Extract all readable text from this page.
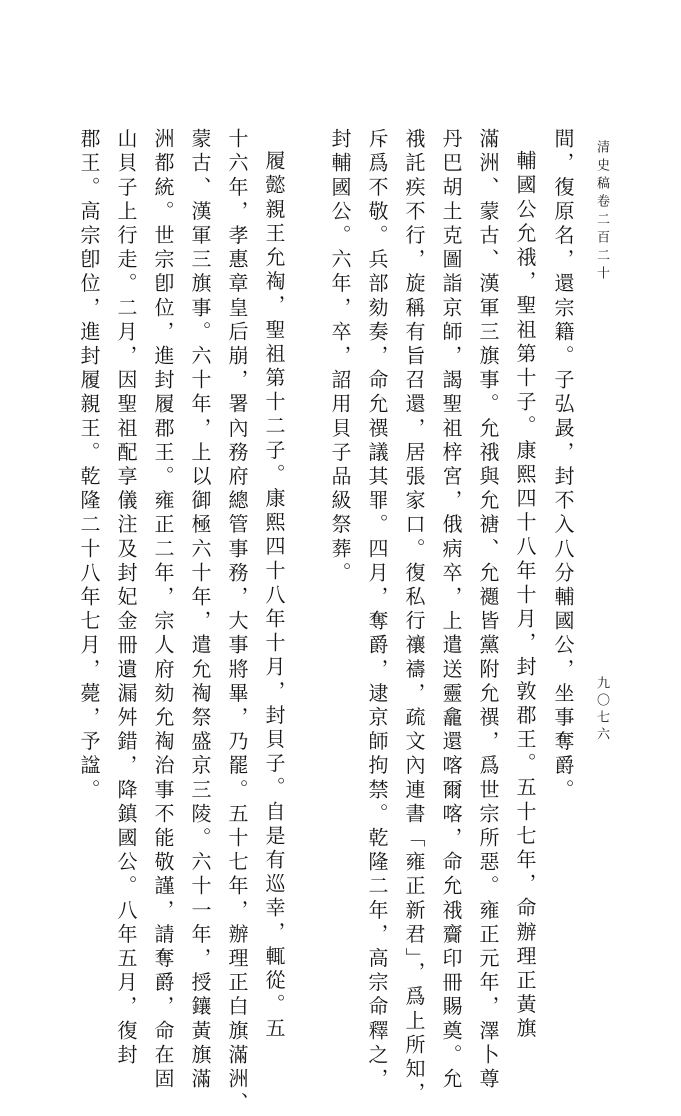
清史稿卷二百二十
九〇七六
間，復原名，還宗籍。子弘晸，封不入八分輔國公，坐事奪爵。
輔國公允䄉，聖祖第十子。康熙四十八年十月，封敦郡王。五十七年，命辦理正黃旗
滿洲、蒙古、漢軍三旗事。允䄉與允禟、允禵皆黨附允禩，爲世宗所惡。雍正元年，澤卜尊
丹巴胡土克圖詣京師，謁聖祖梓宮，俄病卒，上遣送靈龕還喀爾喀，命允䄉齎印冊賜奠。允
䄉託疾不行，旋稱有旨召還，居張家口。復私行禳禱，疏文內連書「雍正新君」，爲上所知，
斥爲不敬。兵部劾奏，命允禩議其罪。四月，奪爵，逮京師拘禁。乾隆二年，高宗命釋之，
封輔國公。六年，卒，詔用貝子品級祭葬。
履懿親王允祹，聖祖第十二子。康熙四十八年十月，封貝子。自是有巡幸，輒從。五
十六年，孝惠章皇后崩，署內務府總管事務，大事將畢，乃罷。五十七年，辦理正白旗滿洲、
蒙古、漢軍三旗事。六十年，上以御極六十年，遣允祹祭盛京三陵。六十一年，授鑲黃旗滿
洲都統。世宗卽位，進封履郡王。雍正二年，宗人府劾允祹治事不能敬謹，請奪爵，命在固
山貝子上行走。二月，因聖祖配享儀注及封妃金冊遺漏舛錯，降鎮國公。八年五月，復封
郡王。高宗卽位，進封履親王。乾隆二十八年七月，薨，予諡。
